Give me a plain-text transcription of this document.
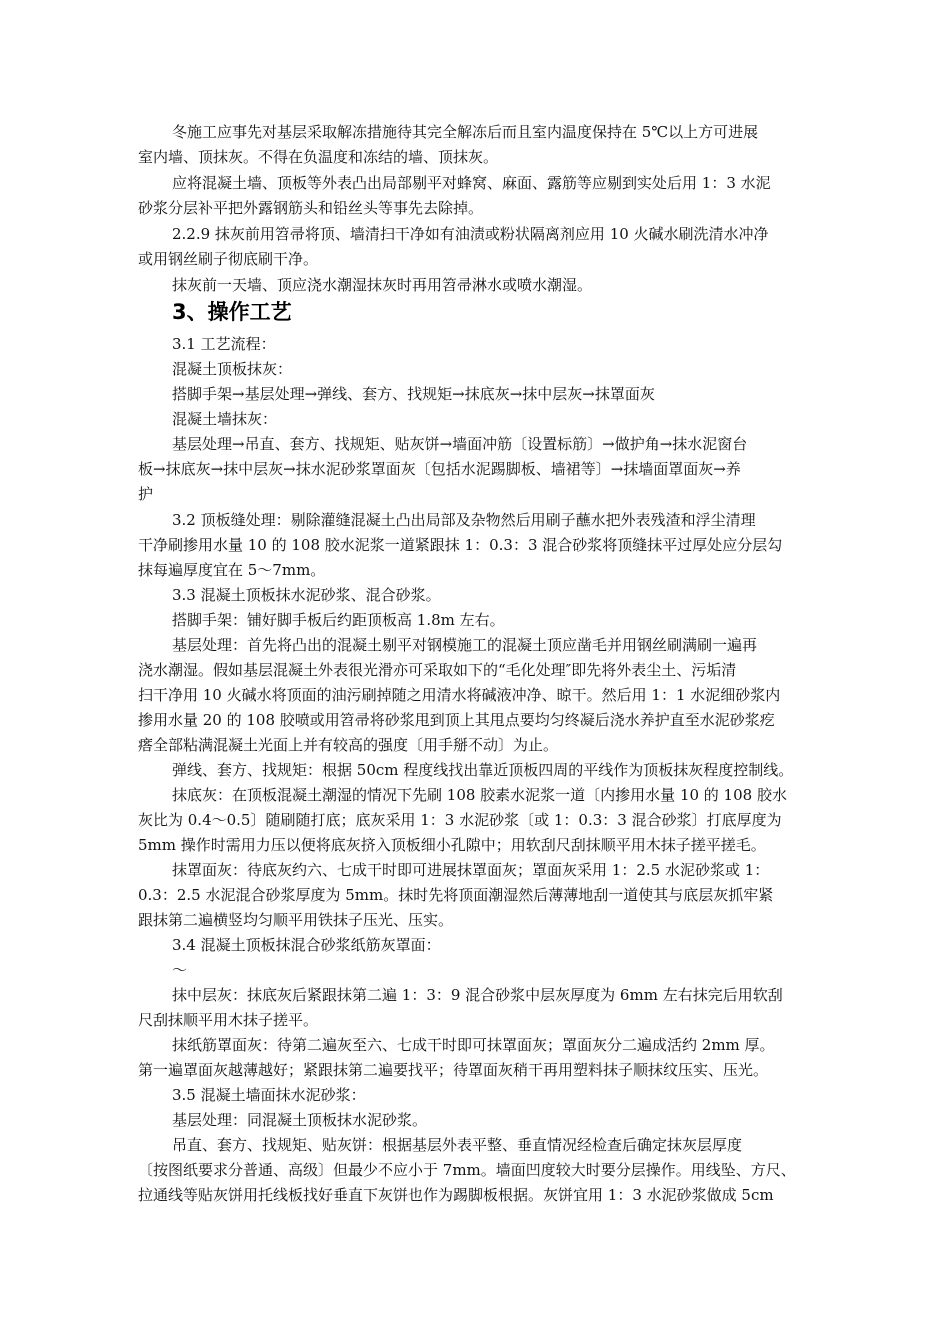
冬施工应事先对基层采取解冻措施待其完全解冻后而且室内温度保持在 5℃以上方可进展
室内墙、顶抹灰。不得在负温度和冻结的墙、顶抹灰。
应将混凝土墙、顶板等外表凸出局部剔平对蜂窝、麻面、露筋等应剔到实处后用 1：3 水泥
砂浆分层补平把外露钢筋头和铅丝头等事先去除掉。
2.2.9 抹灰前用笤帚将顶、墙清扫干净如有油渍或粉状隔离剂应用 10 火碱水刷洗清水冲净
或用钢丝刷子彻底刷干净。
抹灰前一天墙、顶应浇水潮湿抹灰时再用笤帚淋水或喷水潮湿。
3、操作工艺
3.1 工艺流程：
混凝土顶板抹灰：
搭脚手架→基层处理→弹线、套方、找规矩→抹底灰→抹中层灰→抹罩面灰
混凝土墙抹灰：
基层处理→吊直、套方、找规矩、贴灰饼→墙面冲筋〔设置标筋〕→做护角→抹水泥窗台
板→抹底灰→抹中层灰→抹水泥砂浆罩面灰〔包括水泥踢脚板、墙裙等〕→抹墙面罩面灰→养
护
3.2 顶板缝处理：剔除灌缝混凝土凸出局部及杂物然后用刷子蘸水把外表残渣和浮尘清理
干净刷掺用水量 10 的 108 胶水泥浆一道紧跟抹 1：0.3：3 混合砂浆将顶缝抹平过厚处应分层勾
抹每遍厚度宜在 5～7mm。
3.3 混凝土顶板抹水泥砂浆、混合砂浆。
搭脚手架：铺好脚手板后约距顶板高 1.8m 左右。
基层处理：首先将凸出的混凝土剔平对钢模施工的混凝土顶应凿毛并用钢丝刷满刷一遍再
浇水潮湿。假如基层混凝土外表很光滑亦可采取如下的“毛化处理″即先将外表尘土、污垢清
扫干净用 10 火碱水将顶面的油污刷掉随之用清水将碱液冲净、晾干。然后用 1：1 水泥细砂浆内
掺用水量 20 的 108 胶喷或用笤帚将砂浆甩到顶上其甩点要均匀终凝后浇水养护直至水泥砂浆疙
瘩全部粘满混凝土光面上并有较高的强度〔用手掰不动〕为止。
弹线、套方、找规矩：根据 50cm 程度线找出靠近顶板四周的平线作为顶板抹灰程度控制线。
抹底灰：在顶板混凝土潮湿的情况下先刷 108 胶素水泥浆一道〔内掺用水量 10 的 108 胶水
灰比为 0.4～0.5〕随刷随打底；底灰采用 1：3 水泥砂浆〔或 1：0.3：3 混合砂浆〕打底厚度为
5mm 操作时需用力压以便将底灰挤入顶板细小孔隙中；用软刮尺刮抹顺平用木抹子搓平搓毛。
抹罩面灰：待底灰约六、七成干时即可进展抹罩面灰；罩面灰采用 1：2.5 水泥砂浆或 1：
0.3：2.5 水泥混合砂浆厚度为 5mm。抹时先将顶面潮湿然后薄薄地刮一道使其与底层灰抓牢紧
跟抹第二遍横竖均匀顺平用铁抹子压光、压实。
3.4 混凝土顶板抹混合砂浆纸筋灰罩面：
～
抹中层灰：抹底灰后紧跟抹第二遍 1：3：9 混合砂浆中层灰厚度为 6mm 左右抹完后用软刮
尺刮抹顺平用木抹子搓平。
抹纸筋罩面灰：待第二遍灰至六、七成干时即可抹罩面灰；罩面灰分二遍成活约 2mm 厚。
第一遍罩面灰越薄越好；紧跟抹第二遍要找平；待罩面灰稍干再用塑料抹子顺抹纹压实、压光。
3.5 混凝土墙面抹水泥砂浆：
基层处理：同混凝土顶板抹水泥砂浆。
吊直、套方、找规矩、贴灰饼：根据基层外表平整、垂直情况经检查后确定抹灰层厚度
〔按图纸要求分普通、高级〕但最少不应小于 7mm。墙面凹度较大时要分层操作。用线坠、方尺、
拉通线等贴灰饼用托线板找好垂直下灰饼也作为踢脚板根据。灰饼宜用 1：3 水泥砂浆做成 5cm
